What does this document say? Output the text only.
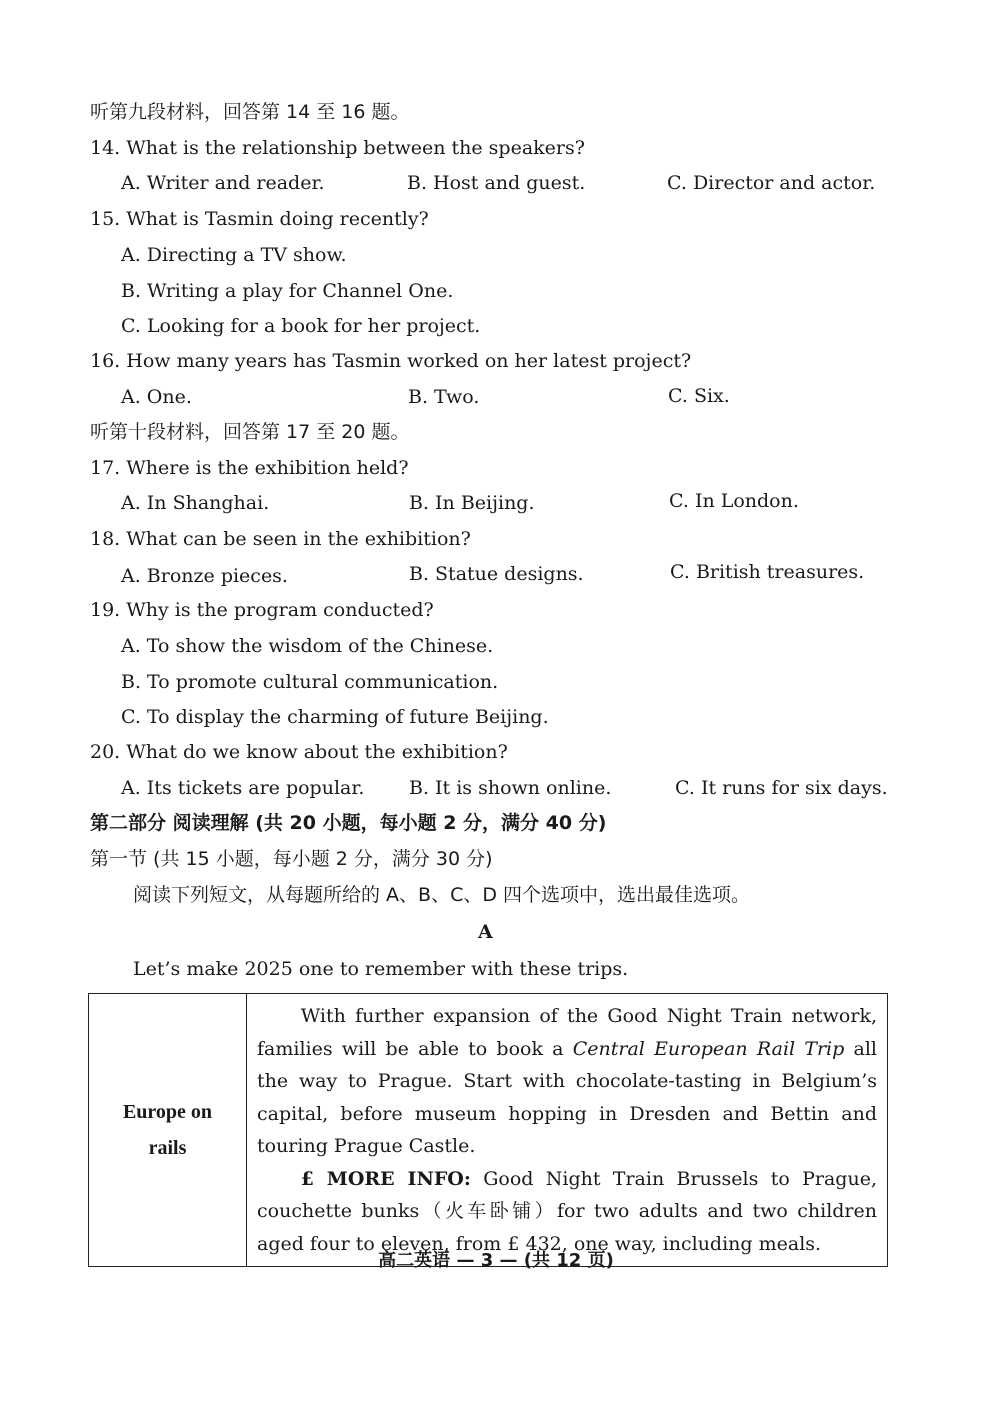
听第九段材料，回答第 14 至 16 题。
14. What is the relationship between the speakers?
A. Writer and reader.	B. Host and guest.	C. Director and actor.
15. What is Tasmin doing recently?
A. Directing a TV show.
B. Writing a play for Channel One.
C. Looking for a book for her project.
16. How many years has Tasmin worked on her latest project?
A. One.	B. Two.	C. Six.
听第十段材料，回答第 17 至 20 题。
17. Where is the exhibition held?
A. In Shanghai.	B. In Beijing.	C. In London.
18. What can be seen in the exhibition?
A. Bronze pieces.	B. Statue designs.	C. British treasures.
19. Why is the program conducted?
A. To show the wisdom of the Chinese.
B. To promote cultural communication.
C. To display the charming of future Beijing.
20. What do we know about the exhibition?
A. Its tickets are popular. B. It is shown online.	C. It runs for six days.
第二部分 阅读理解 (共 20 小题，每小题 2 分，满分 40 分)
第一节 (共 15 小题，每小题 2 分，满分 30 分)
阅读下列短文，从每题所给的 A、B、C、D 四个选项中，选出最佳选项。
A
Let’s make 2025 one to remember with these trips.
Europe on
rails

With further expansion of the Good Night Train network, families will be able to book a Central European Rail Trip all the way to Prague. Start with chocolate-tasting in Belgium’s capital, before museum hopping in Dresden and Bettin and touring Prague Castle.

£ MORE INFO: Good Night Train Brussels to Prague, couchette bunks（火车卧铺）for two adults and two children aged four to eleven, from £ 432, one way, including meals.

高二英语 — 3 — (共 12 页)
